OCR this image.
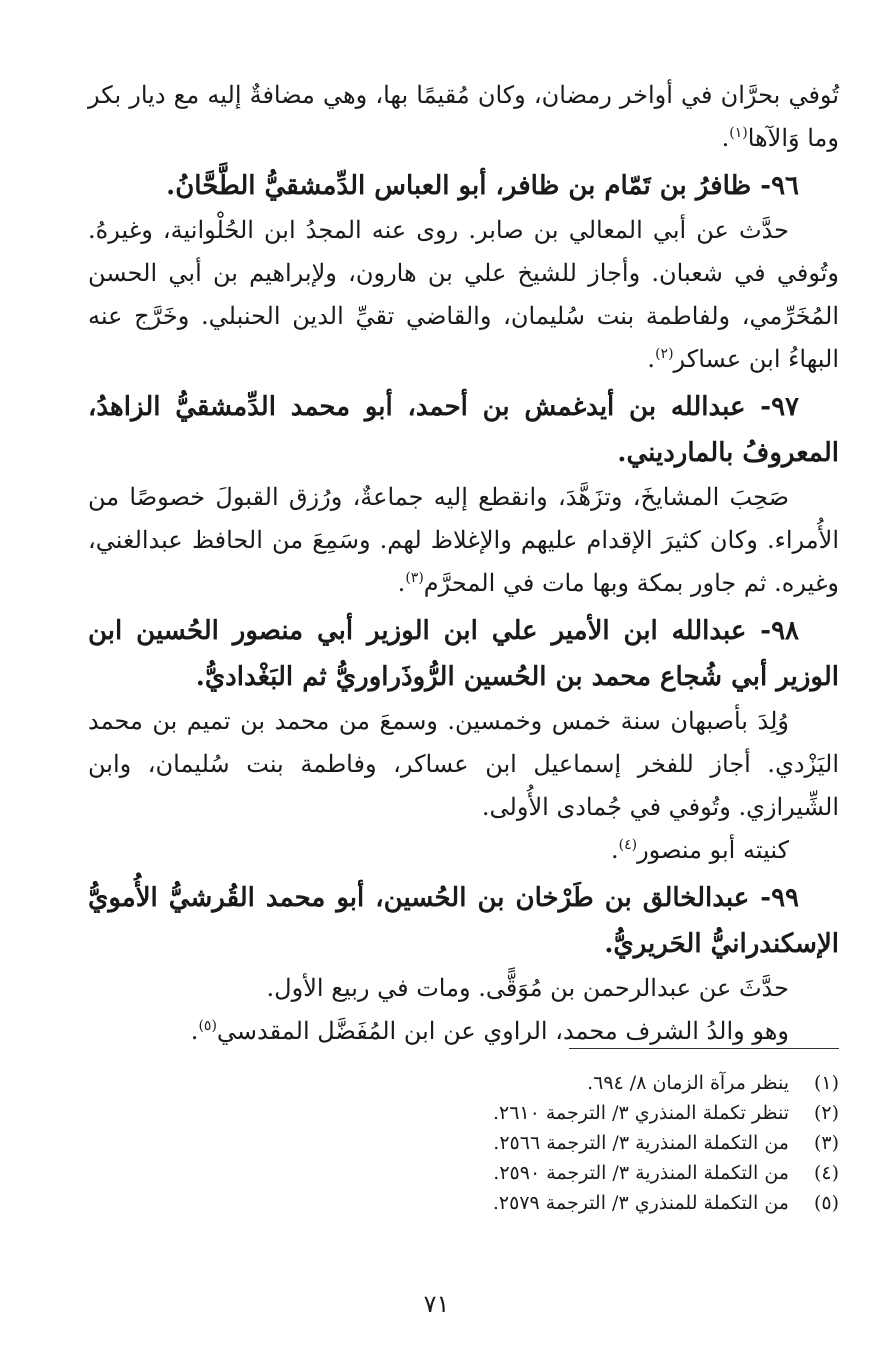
تُوفي بحرَّان في أواخر رمضان، وكان مُقيمًا بها، وهي مضافةٌ إليه مع ديار بكر وما وَالآها$^{(١)}$.

٩٦- ظافرُ بن تَمّام بن ظافر، أبو العباس الدِّمشقيُّ الطَّحَّانُ.

حدَّث عن أبي المعالي بن صابر. روى عنه المجدُ ابن الحُلْوانية، وغيرهُ. وتُوفي في شعبان. وأجاز للشيخ علي بن هارون، ولإبراهيم بن أبي الحسن المُخَرِّمي، ولفاطمة بنت سُليمان، والقاضي تقيِّ الدين الحنبلي. وخَرَّج عنه البهاءُ ابن عساكر$^{(٢)}$.

٩٧- عبدالله بن أيدغمش بن أحمد، أبو محمد الدِّمشقيُّ الزاهدُ، المعروفُ بالمارديني.

صَحِبَ المشايخَ، وتزَهَّدَ، وانقطع إليه جماعةٌ، ورُزق القبولَ خصوصًا من الأُمراء. وكان كثيرَ الإقدام عليهم والإغلاظ لهم. وسَمِعَ من الحافظ عبدالغني، وغيره. ثم جاور بمكة وبها مات في المحرَّم$^{(٣)}$.

٩٨- عبدالله ابن الأمير علي ابن الوزير أبي منصور الحُسين ابن الوزير أبي شُجاع محمد بن الحُسين الرُّوذَراوريُّ ثم البَغْداديُّ.

وُلِدَ بأصبهان سنة خمس وخمسين. وسمعَ من محمد بن تميم بن محمد اليَزْدي. أجاز للفخر إسماعيل ابن عساكر، وفاطمة بنت سُليمان، وابن الشِّيرازي. وتُوفي في جُمادى الأُولى.

كنيته أبو منصور$^{(٤)}$.

٩٩- عبدالخالق بن طَرْخان بن الحُسين، أبو محمد القُرشيُّ الأُمويُّ الإسكندرانيُّ الحَريريُّ.

حدَّثَ عن عبدالرحمن بن مُوَقًّى. ومات في ربيع الأول.

وهو والدُ الشرف محمد، الراوي عن ابن المُفَضَّل المقدسي$^{(٥)}$.

(١)
ينظر مرآة الزمان ٨/ ٦٩٤.
(٢)
تنظر تكملة المنذري ٣/ الترجمة ٢٦١٠.
(٣)
من التكملة المنذرية ٣/ الترجمة ٢٥٦٦.
(٤)
من التكملة المنذرية ٣/ الترجمة ٢٥٩٠.
(٥)
من التكملة للمنذري ٣/ الترجمة ٢٥٧٩.
٧١
